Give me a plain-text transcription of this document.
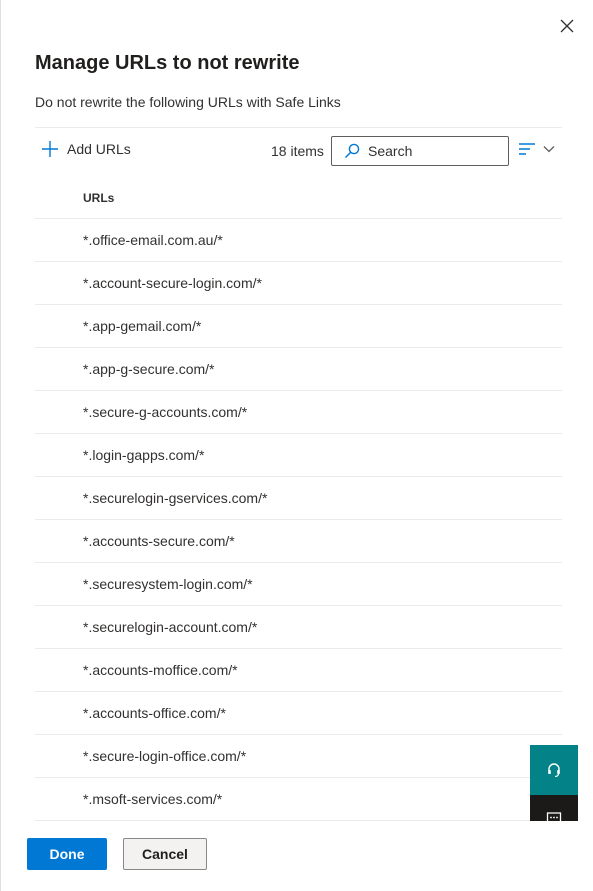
Manage URLs to not rewrite

Do not rewrite the following URLs with Safe Links

Add URLs	18 items
Search
URLs
*.office-email.com.au/*
*.account-secure-login.com/*
*.app-gemail.com/*
*.app-g-secure.com/*
*.secure-g-accounts.com/*
*.login-gapps.com/*
*.securelogin-gservices.com/*
*.accounts-secure.com/*
*.securesystem-login.com/*
*.securelogin-account.com/*
*.accounts-moffice.com/*
*.accounts-office.com/*
*.secure-login-office.com/*
*.msoft-services.com/*
Done	Cancel
